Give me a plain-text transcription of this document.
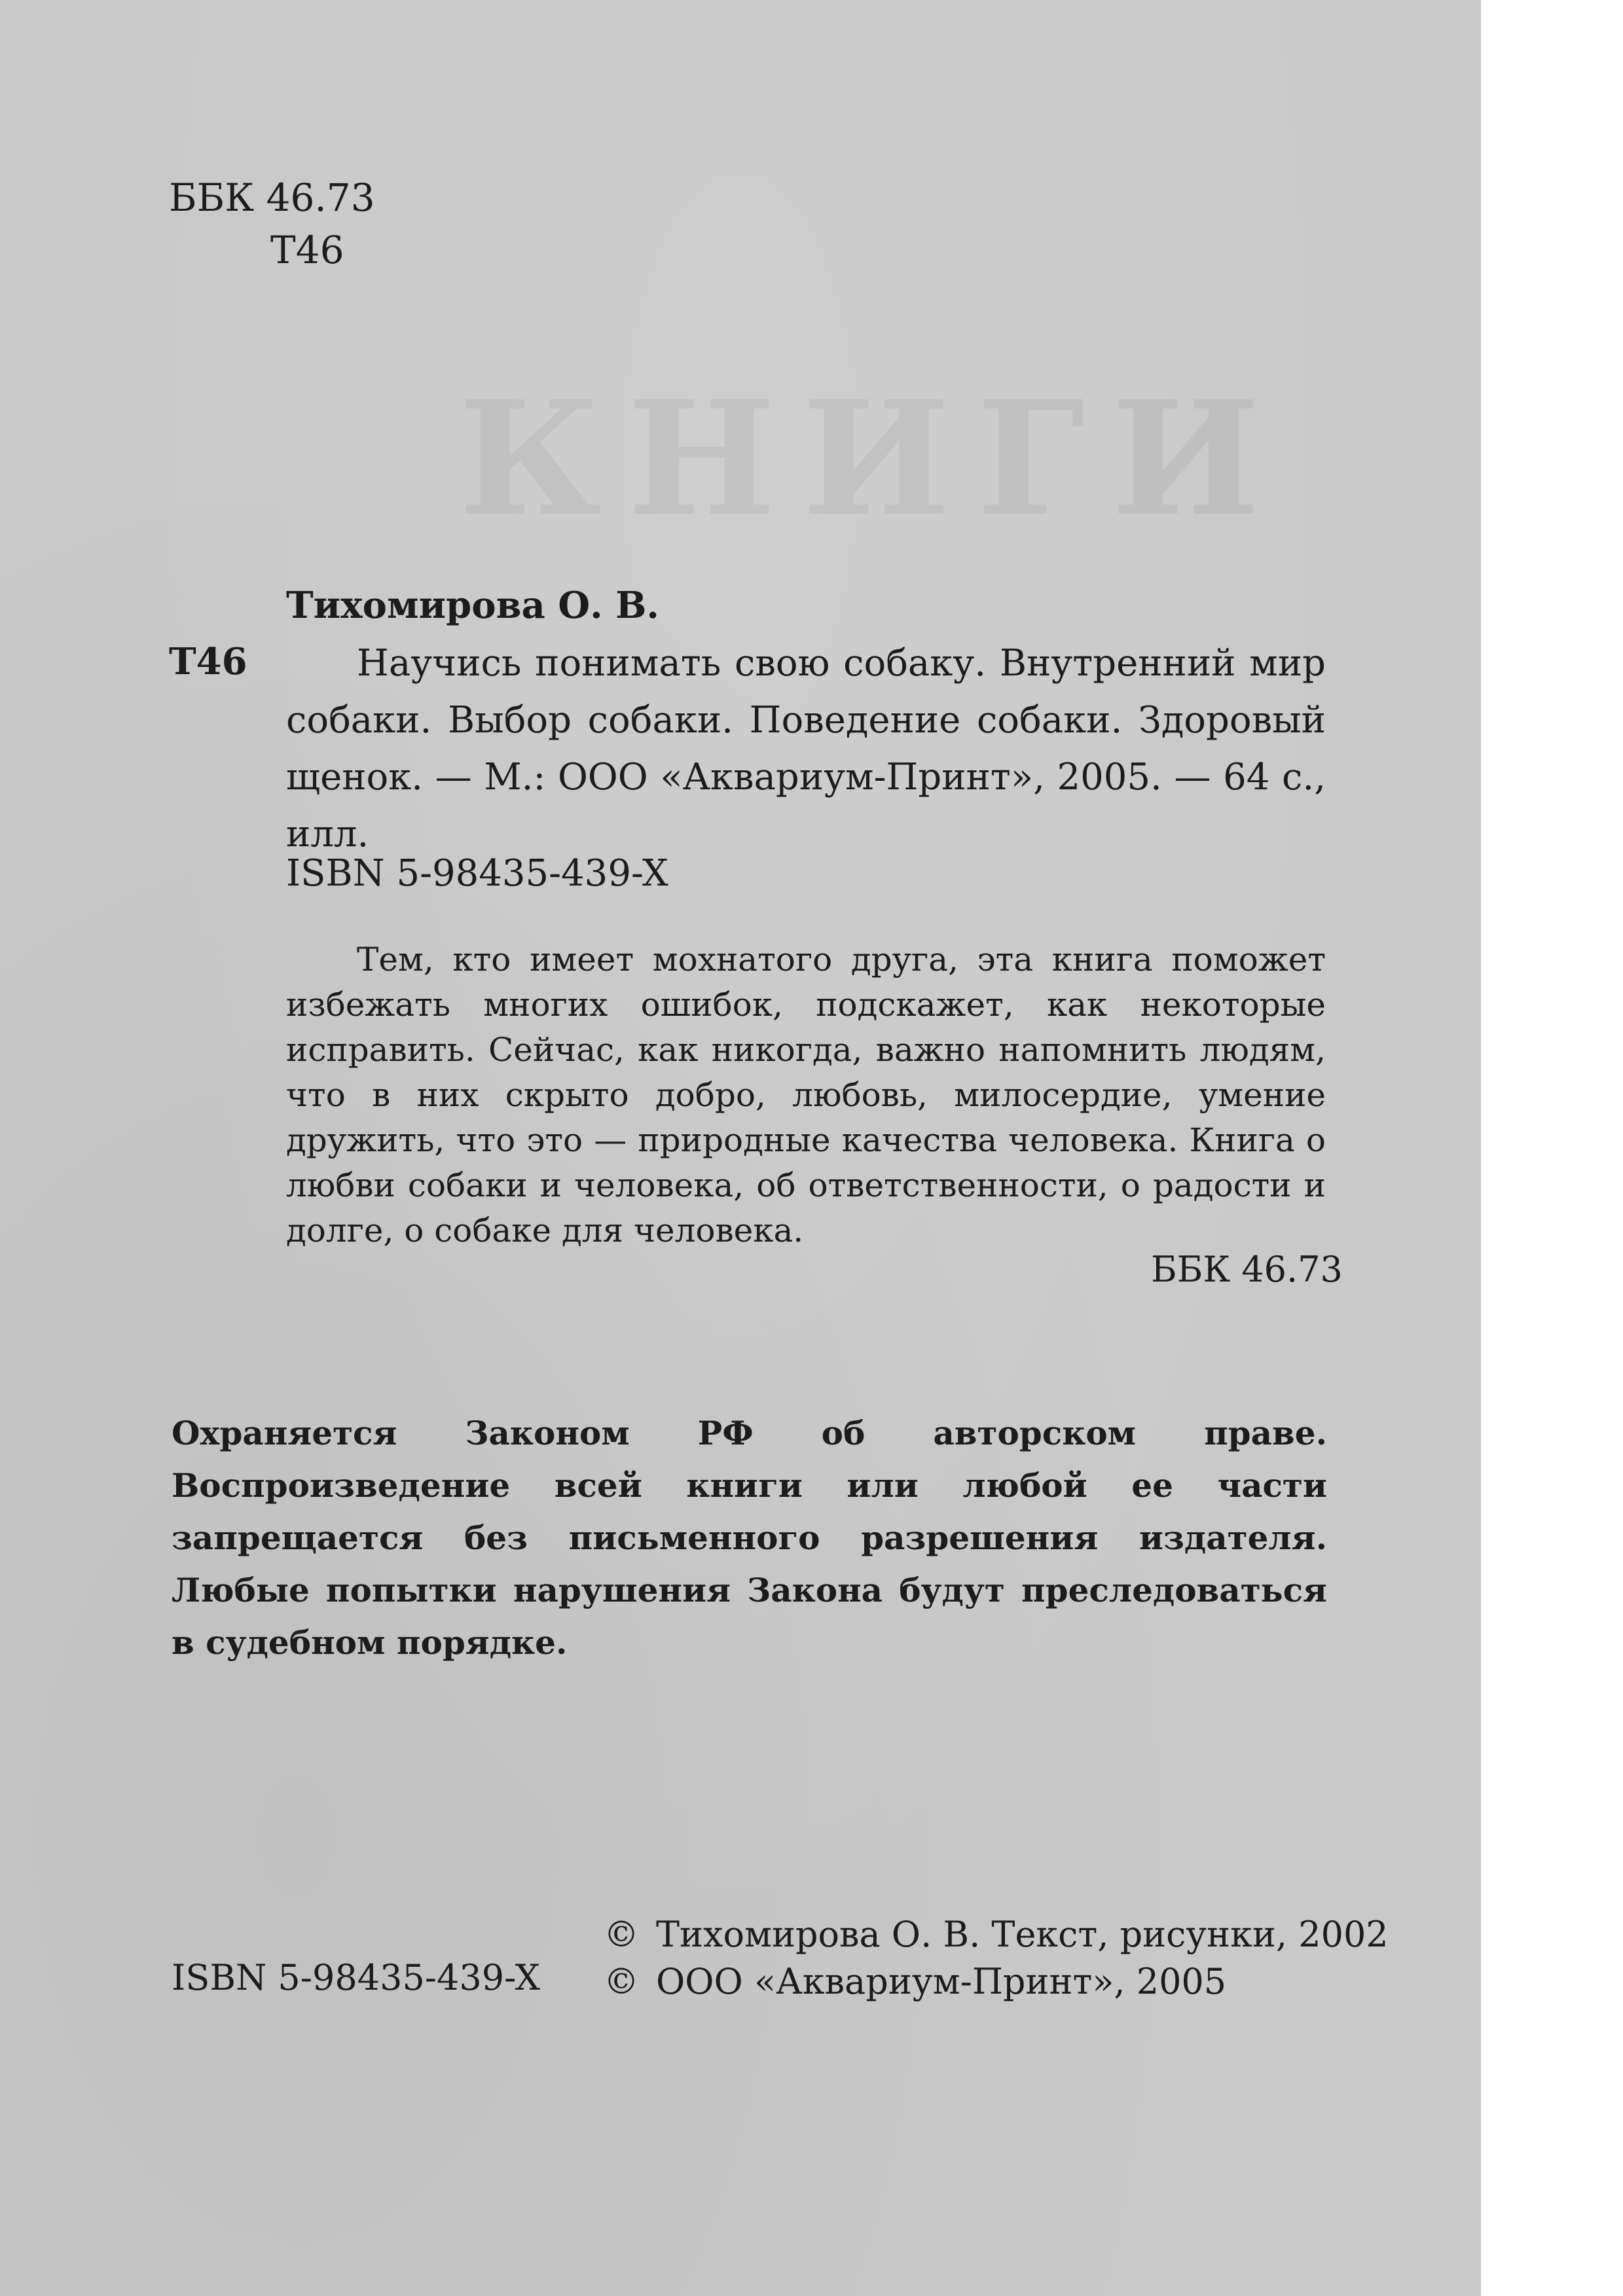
КНИГИ
ББК 46.73
Т46
Тихомирова О. В.
Т46	Научись понимать свою собаку. Внутренний мир собаки. Выбор собаки. Поведение собаки. Здоровый щенок. — М.: ООО «Аквариум-Принт», 2005. — 64 с., илл.
ISBN 5-98435-439-X
Тем, кто имеет мохнатого друга, эта книга поможет избежать многих ошибок, подскажет, как некоторые исправить. Сейчас, как никогда, важно напомнить людям, что в них скрыто добро, любовь, милосердие, умение дружить, что это — природные качества человека. Книга о любви собаки и человека, об ответственности, о радости и долге, о собаке для человека.
ББК 46.73
Охраняется Законом РФ об авторском праве. Воспроизведение всей книги или любой ее части запрещается без письменного разрешения издателя. Любые попытки нарушения Закона будут преследоваться в судебном порядке.
ISBN 5-98435-439-X
© Тихомирова О. В. Текст, рисунки, 2002
© ООО «Аквариум-Принт», 2005
